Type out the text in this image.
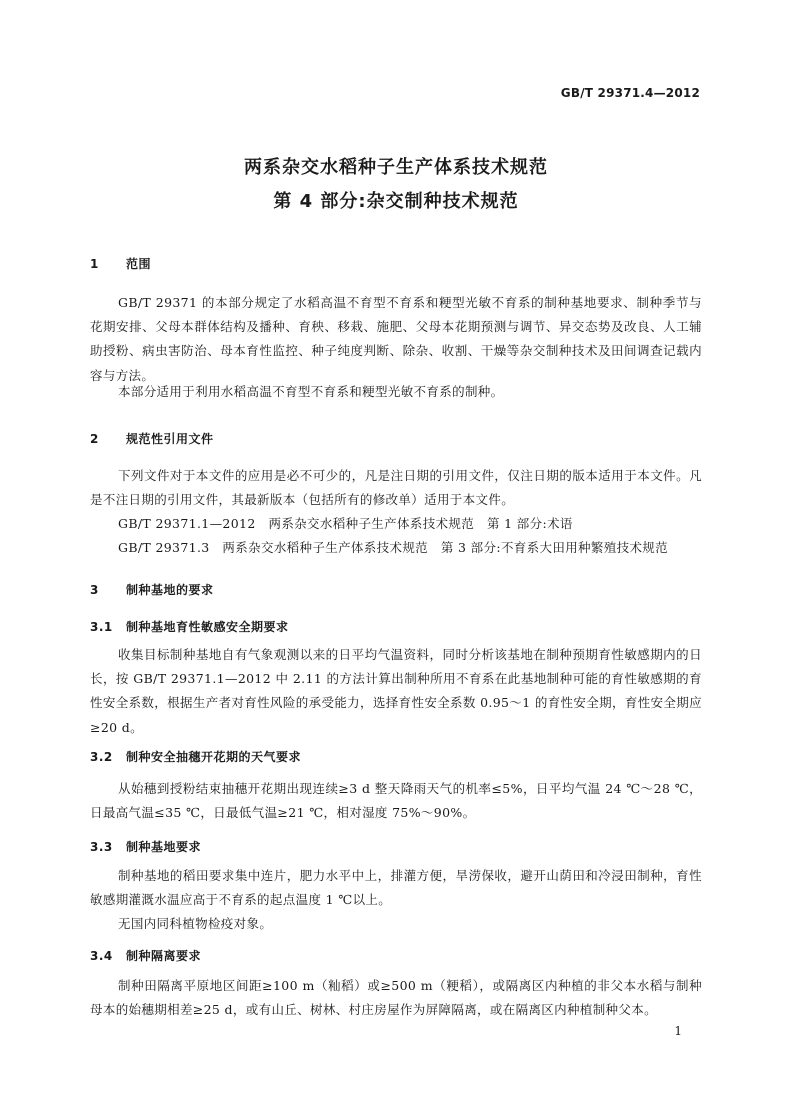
GB/T 29371.4—2012
两系杂交水稻种子生产体系技术规范
第 4 部分:杂交制种技术规范
1 范围
GB/T 29371 的本部分规定了水稻高温不育型不育系和粳型光敏不育系的制种基地要求、制种季节与花期安排、父母本群体结构及播种、育秧、移栽、施肥、父母本花期预测与调节、异交态势及改良、人工辅助授粉、病虫害防治、母本育性监控、种子纯度判断、除杂、收割、干燥等杂交制种技术及田间调查记载内容与方法。
本部分适用于利用水稻高温不育型不育系和粳型光敏不育系的制种。
2 规范性引用文件
下列文件对于本文件的应用是必不可少的，凡是注日期的引用文件，仅注日期的版本适用于本文件。凡是不注日期的引用文件，其最新版本（包括所有的修改单）适用于本文件。
GB/T 29371.1—2012　两系杂交水稻种子生产体系技术规范　第 1 部分:术语
GB/T 29371.3　两系杂交水稻种子生产体系技术规范　第 3 部分:不育系大田用种繁殖技术规范
3 制种基地的要求
3.1 制种基地育性敏感安全期要求
收集目标制种基地自有气象观测以来的日平均气温资料，同时分析该基地在制种预期育性敏感期内的日长，按 GB/T 29371.1—2012 中 2.11 的方法计算出制种所用不育系在此基地制种可能的育性敏感期的育性安全系数，根据生产者对育性风险的承受能力，选择育性安全系数 0.95～1 的育性安全期，育性安全期应≥20 d。
3.2 制种安全抽穗开花期的天气要求
从始穗到授粉结束抽穗开花期出现连续≥3 d 整天降雨天气的机率≤5%，日平均气温 24 ℃～28 ℃，日最高气温≤35 ℃，日最低气温≥21 ℃，相对湿度 75%～90%。
3.3 制种基地要求
制种基地的稻田要求集中连片，肥力水平中上，排灌方便，旱涝保收，避开山荫田和冷浸田制种，育性敏感期灌溉水温应高于不育系的起点温度 1 ℃以上。
无国内同科植物检疫对象。
3.4 制种隔离要求
制种田隔离平原地区间距≥100 m（籼稻）或≥500 m（粳稻），或隔离区内种植的非父本水稻与制种母本的始穗期相差≥25 d，或有山丘、树林、村庄房屋作为屏障隔离，或在隔离区内种植制种父本。
1
